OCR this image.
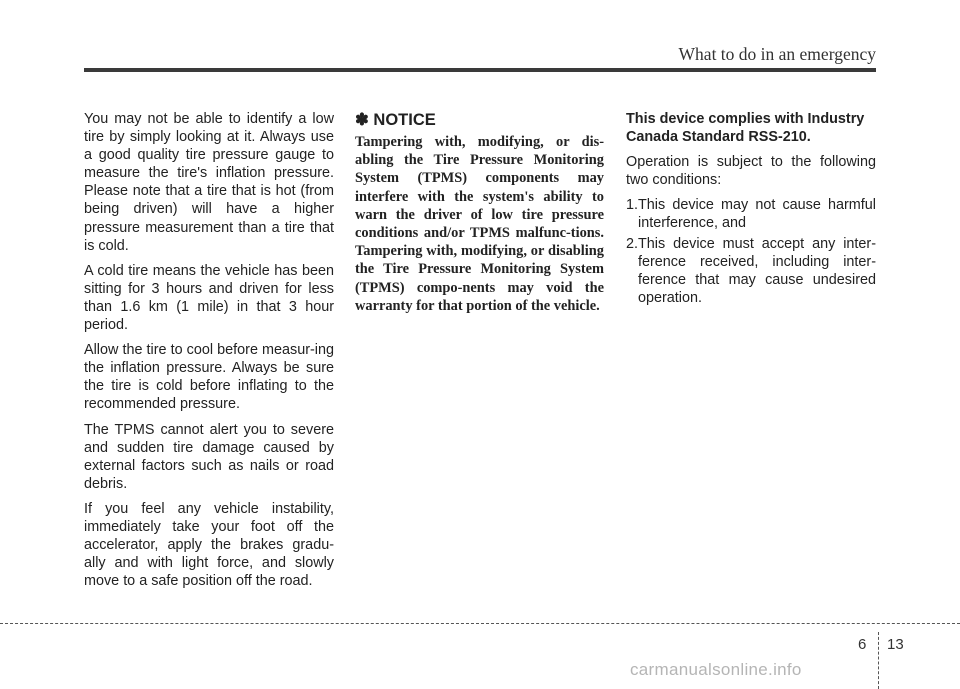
What to do in an emergency

You may not be able to identify a low tire by simply looking at it. Always use a good quality tire pressure gauge to measure the tire's inflation pressure. Please note that a tire that is hot (from being driven) will have a higher pressure measurement than a tire that is cold.

A cold tire means the vehicle has been sitting for 3 hours and driven for less than 1.6 km (1 mile) in that 3 hour period.

Allow the tire to cool before measur-ing the inflation pressure. Always be sure the tire is cold before inflating to the recommended pressure.

The TPMS cannot alert you to severe and sudden tire damage caused by external factors such as nails or road debris.

If you feel any vehicle instability, immediately take your foot off the accelerator, apply the brakes gradu-ally and with light force, and slowly move to a safe position off the road.

✽ NOTICE

Tampering with, modifying, or dis-abling the Tire Pressure Monitoring System (TPMS) components may interfere with the system's ability to warn the driver of low tire pressure conditions and/or TPMS malfunc-tions. Tampering with, modifying, or disabling the Tire Pressure Monitoring System (TPMS) compo-nents may void the warranty for that portion of the vehicle.

This device complies with Industry Canada Standard RSS-210.

Operation is subject to the following two conditions:

1. This device may not cause harmful interference, and
2. This device must accept any inter-ference received, including inter-ference that may cause undesired operation.
6 13
carmanualsonline.info
